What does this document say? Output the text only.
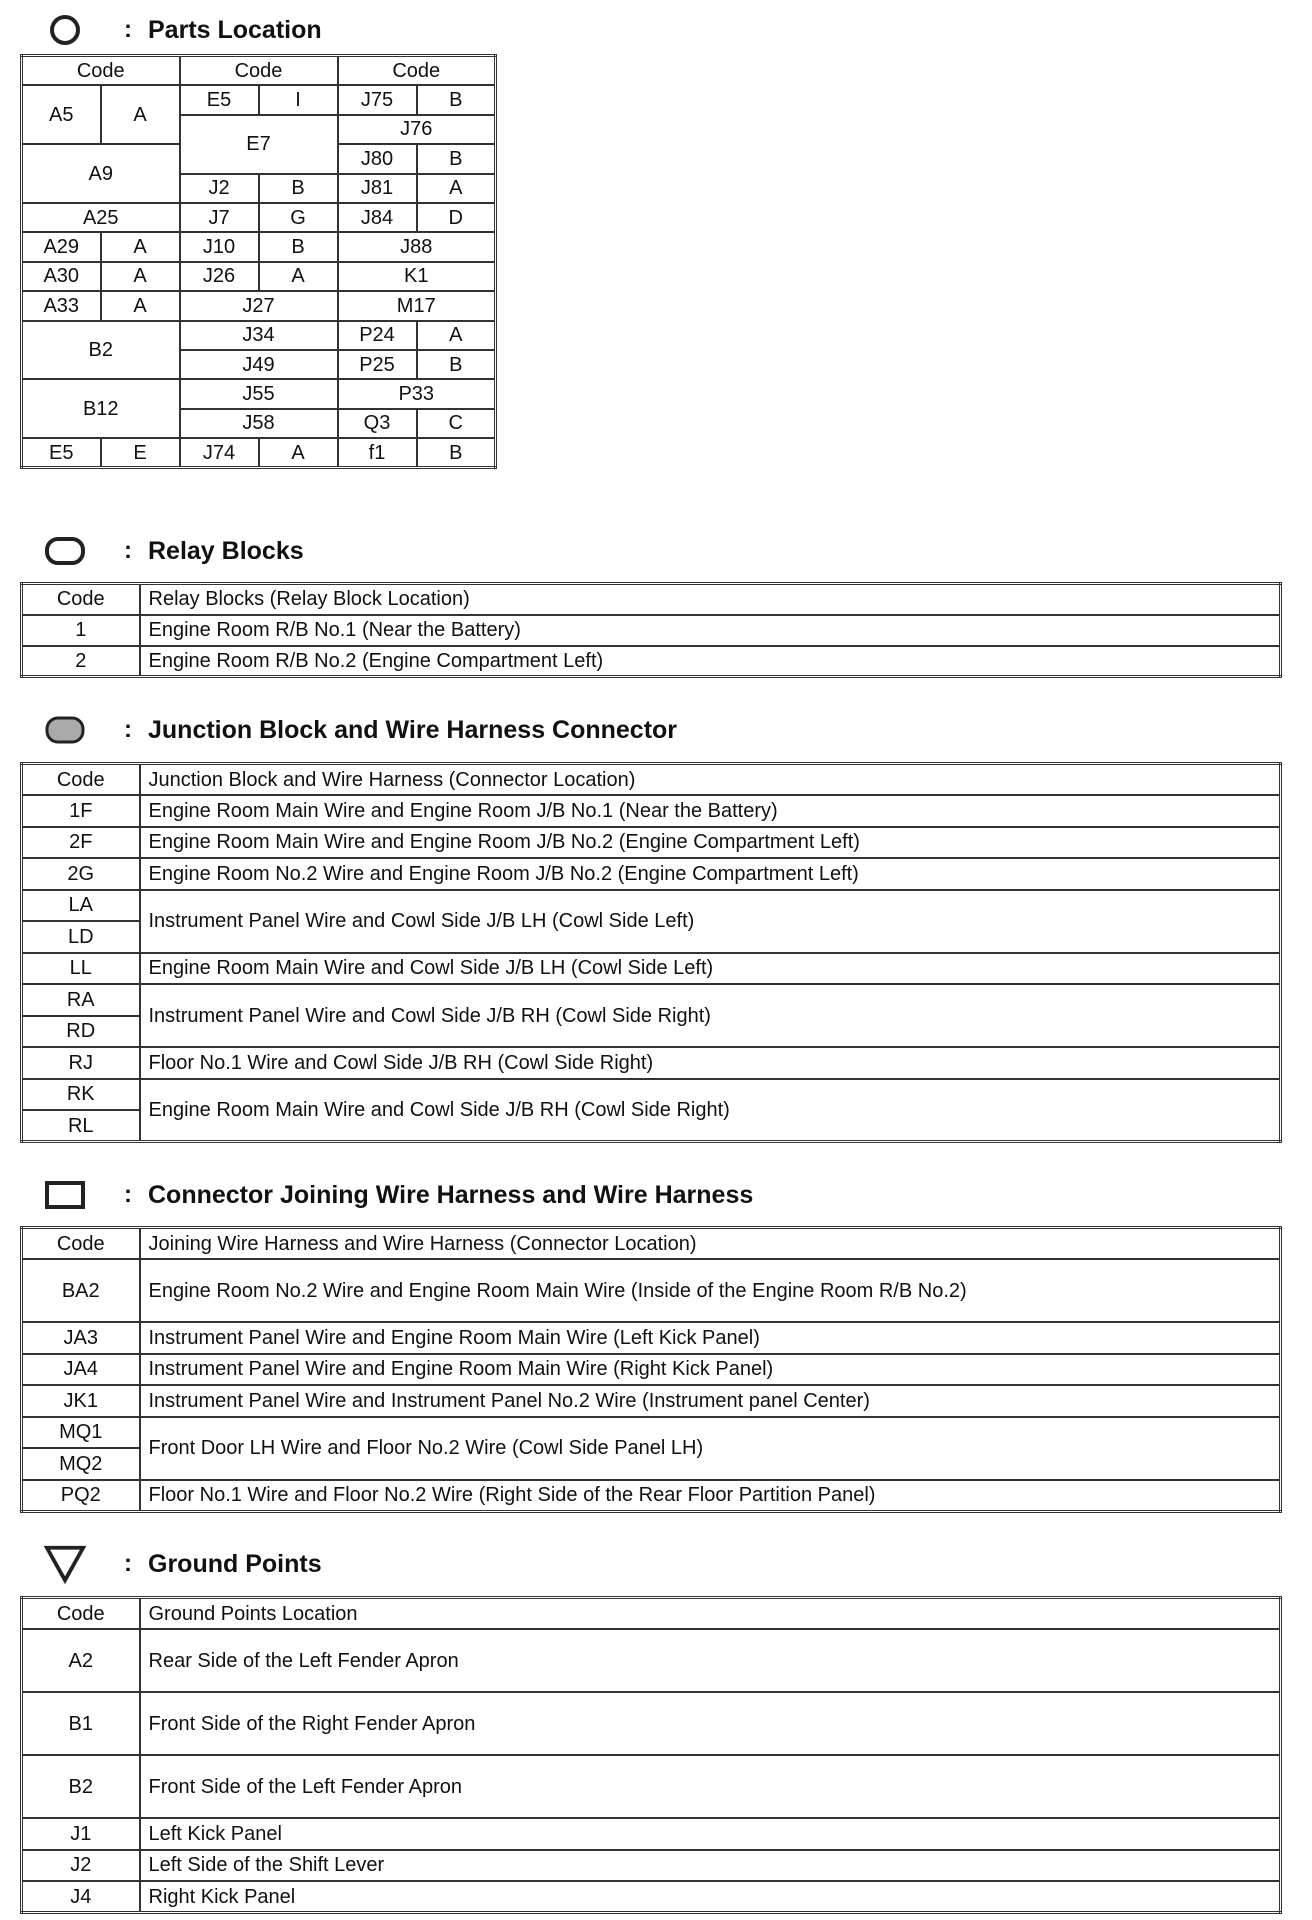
: Parts Location
Code		Code		Code	
A5	A	E5	I	J75	B
		E7		J76	
A9				J80	B
		J2	B	J81	A
A25		J7	G	J84	D
A29	A	J10	B	J88	
A30	A	J26	A	K1	
A33	A	J27		M17	
B2		J34		P24	A
		J49		P25	B
B12		J55		P33	
		J58		Q3	C
E5	E	J74	A	f1	B
: Relay Blocks
Code	Relay Blocks (Relay Block Location)
1	Engine Room R/B No.1 (Near the Battery)
2	Engine Room R/B No.2 (Engine Compartment Left)
: Junction Block and Wire Harness Connector
Code	Junction Block and Wire Harness (Connector Location)
1F	Engine Room Main Wire and Engine Room J/B No.1 (Near the Battery)
2F	Engine Room Main Wire and Engine Room J/B No.2 (Engine Compartment Left)
2G	Engine Room No.2 Wire and Engine Room J/B No.2 (Engine Compartment Left)
LA	Instrument Panel Wire and Cowl Side J/B LH (Cowl Side Left)
LD	
LL	Engine Room Main Wire and Cowl Side J/B LH (Cowl Side Left)
RA	Instrument Panel Wire and Cowl Side J/B RH (Cowl Side Right)
RD	
RJ	Floor No.1 Wire and Cowl Side J/B RH (Cowl Side Right)
RK	Engine Room Main Wire and Cowl Side J/B RH (Cowl Side Right)
RL	
: Connector Joining Wire Harness and Wire Harness
Code	Joining Wire Harness and Wire Harness (Connector Location)
BA2	Engine Room No.2 Wire and Engine Room Main Wire (Inside of the Engine Room R/B No.2)
JA3	Instrument Panel Wire and Engine Room Main Wire (Left Kick Panel)
JA4	Instrument Panel Wire and Engine Room Main Wire (Right Kick Panel)
JK1	Instrument Panel Wire and Instrument Panel No.2 Wire (Instrument panel Center)
MQ1	Front Door LH Wire and Floor No.2 Wire (Cowl Side Panel LH)
MQ2	
PQ2	Floor No.1 Wire and Floor No.2 Wire (Right Side of the Rear Floor Partition Panel)
: Ground Points
Code	Ground Points Location
A2	Rear Side of the Left Fender Apron
B1	Front Side of the Right Fender Apron
B2	Front Side of the Left Fender Apron
J1	Left Kick Panel
J2	Left Side of the Shift Lever
J4	Right Kick Panel
